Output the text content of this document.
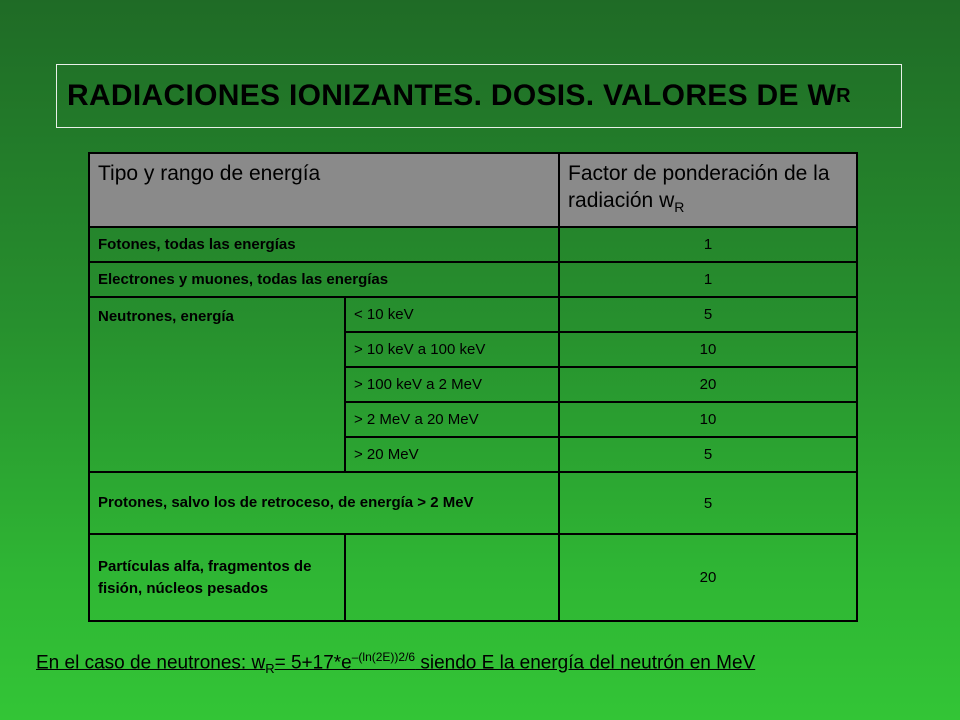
RADIACIONES IONIZANTES. DOSIS. VALORES DE W R
Tipo y rango de energía		Factor de ponderación de la radiación $w_R$
Fotones, todas las energías		1
Electrones y muones, todas las energías		1
Neutrones, energía	< 10 keV	5
	> 10 keV a 100 keV	10
	> 100 keV a 2 MeV	20
	> 2 MeV a 20 MeV	10
	> 20 MeV	5
Protones, salvo los de retroceso, de energía > 2 MeV		5
Partículas alfa, fragmentos de fisión, núcleos pesados		20
En el caso de neutrones: $w_R= 5+17*e^{-(ln(2E))2/6}$ siendo E la energía del neutrón en MeV
